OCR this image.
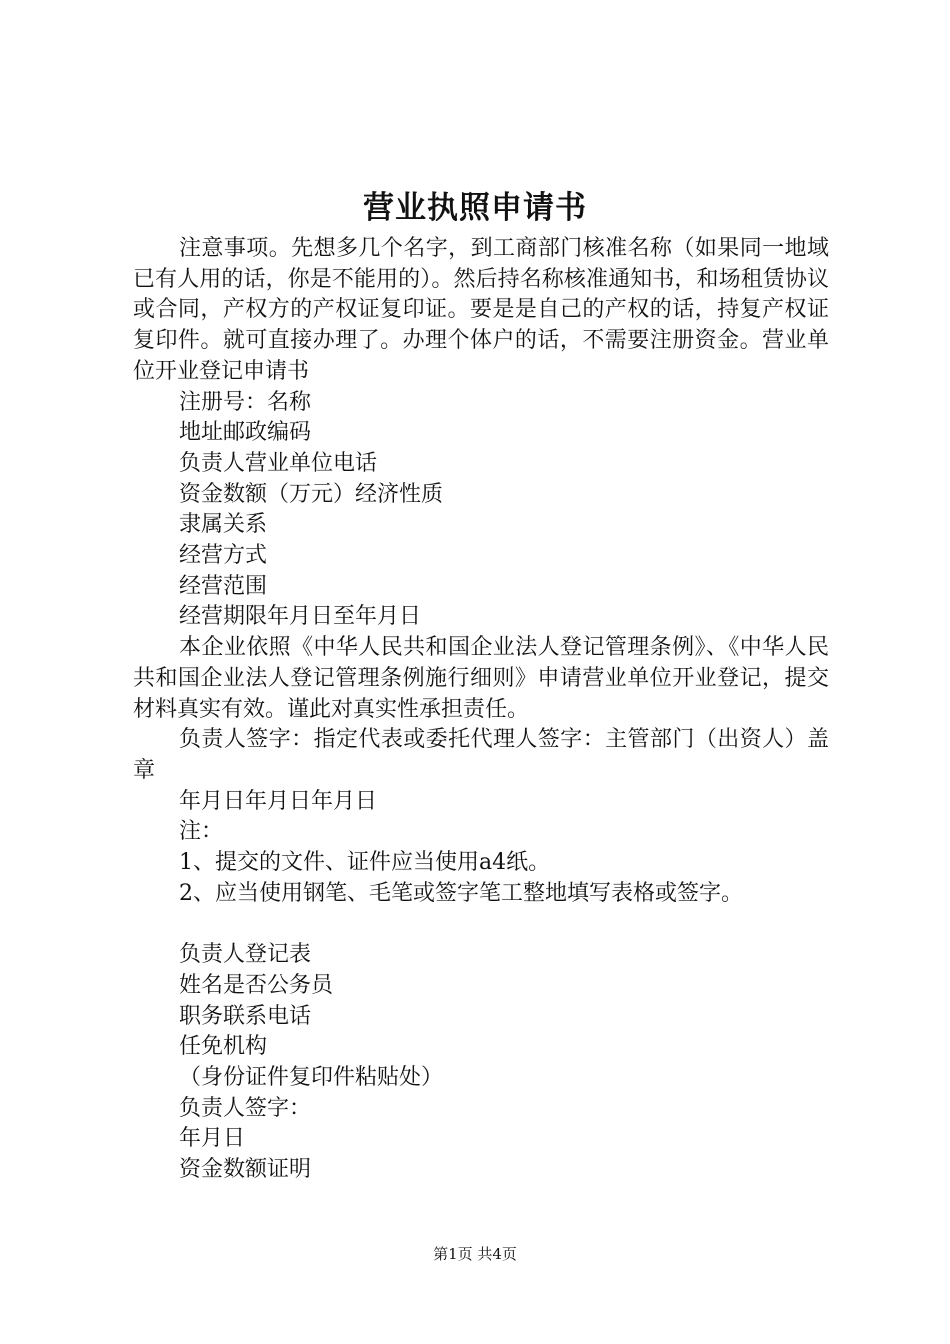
营业执照申请书

注意事项。先想多几个名字，到工商部门核准名称（如果同一地域已有人用的话，你是不能用的）。然后持名称核准通知书，和场租赁协议或合同，产权方的产权证复印证。要是是自己的产权的话，持复产权证复印件。就可直接办理了。办理个体户的话，不需要注册资金。营业单位开业登记申请书

注册号：名称
地址邮政编码
负责人营业单位电话
资金数额（万元）经济性质
隶属关系
经营方式
经营范围
经营期限年月日至年月日

本企业依照《中华人民共和国企业法人登记管理条例》、《中华人民共和国企业法人登记管理条例施行细则》申请营业单位开业登记，提交材料真实有效。谨此对真实性承担责任。

负责人签字：指定代表或委托代理人签字：主管部门（出资人）盖章

年月日年月日年月日
注：
1、提交的文件、证件应当使用a4纸。
2、应当使用钢笔、毛笔或签字笔工整地填写表格或签字。
负责人登记表
姓名是否公务员
职务联系电话
任免机构
（身份证件复印件粘贴处）
负责人签字：
年月日
资金数额证明
第1页 共4页
